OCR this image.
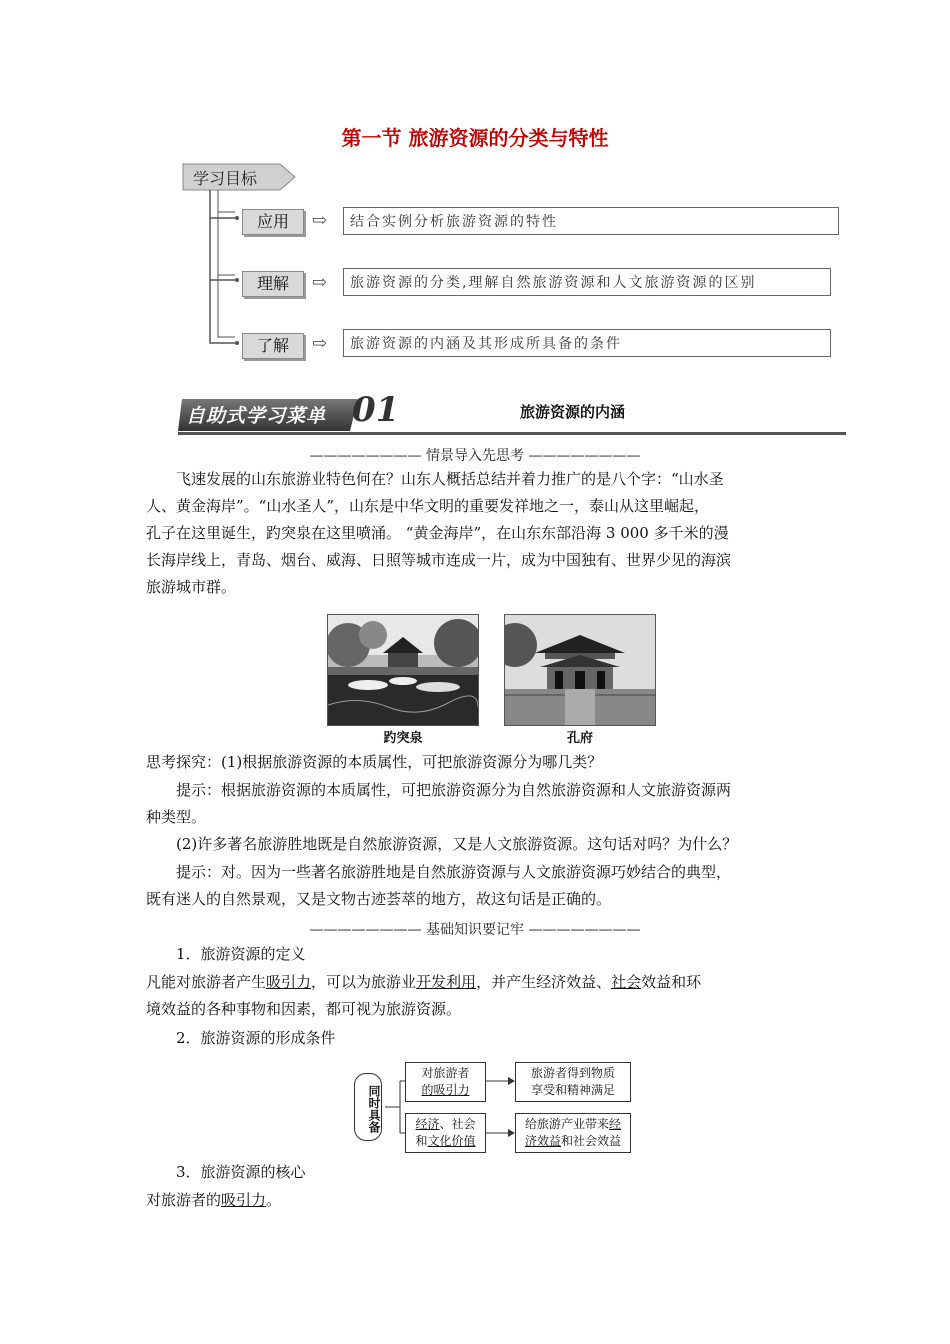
第一节 旅游资源的分类与特性
学习目标
应用	⇨	结合实例分析旅游资源的特性
理解	⇨	旅游资源的分类,理解自然旅游资源和人文旅游资源的区别
了解	⇨	旅游资源的内涵及其形成所具备的条件
自助式学习菜单 01	旅游资源的内涵
———————— 情景导入先思考 ————————
飞速发展的山东旅游业特色何在？山东人概括总结并着力推广的是八个字：“山水圣
人、黄金海岸”。“山水圣人”，山东是中华文明的重要发祥地之一，泰山从这里崛起，
孔子在这里诞生，趵突泉在这里喷涌。 “黄金海岸”，在山东东部沿海 3 000 多千米的漫
长海岸线上，青岛、烟台、威海、日照等城市连成一片，成为中国独有、世界少见的海滨
旅游城市群。
趵突泉	孔府
思考探究：(1)根据旅游资源的本质属性，可把旅游资源分为哪几类？
提示：根据旅游资源的本质属性，可把旅游资源分为自然旅游资源和人文旅游资源两
种类型。
(2)许多著名旅游胜地既是自然旅游资源，又是人文旅游资源。这句话对吗？为什么？
提示：对。因为一些著名旅游胜地是自然旅游资源与人文旅游资源巧妙结合的典型，
既有迷人的自然景观，又是文物古迹荟萃的地方，故这句话是正确的。
———————— 基础知识要记牢 ————————
1．旅游资源的定义
凡能对旅游者产生吸引力，可以为旅游业开发利用，并产生经济效益、社会效益和环
境效益的各种事物和因素，都可视为旅游资源。
2．旅游资源的形成条件
同时具备
对旅游者
的吸引力
旅游者得到物质
享受和精神满足
经济、社会
和文化价值
给旅游产业带来经
济效益和社会效益
3．旅游资源的核心
对旅游者的吸引力。
